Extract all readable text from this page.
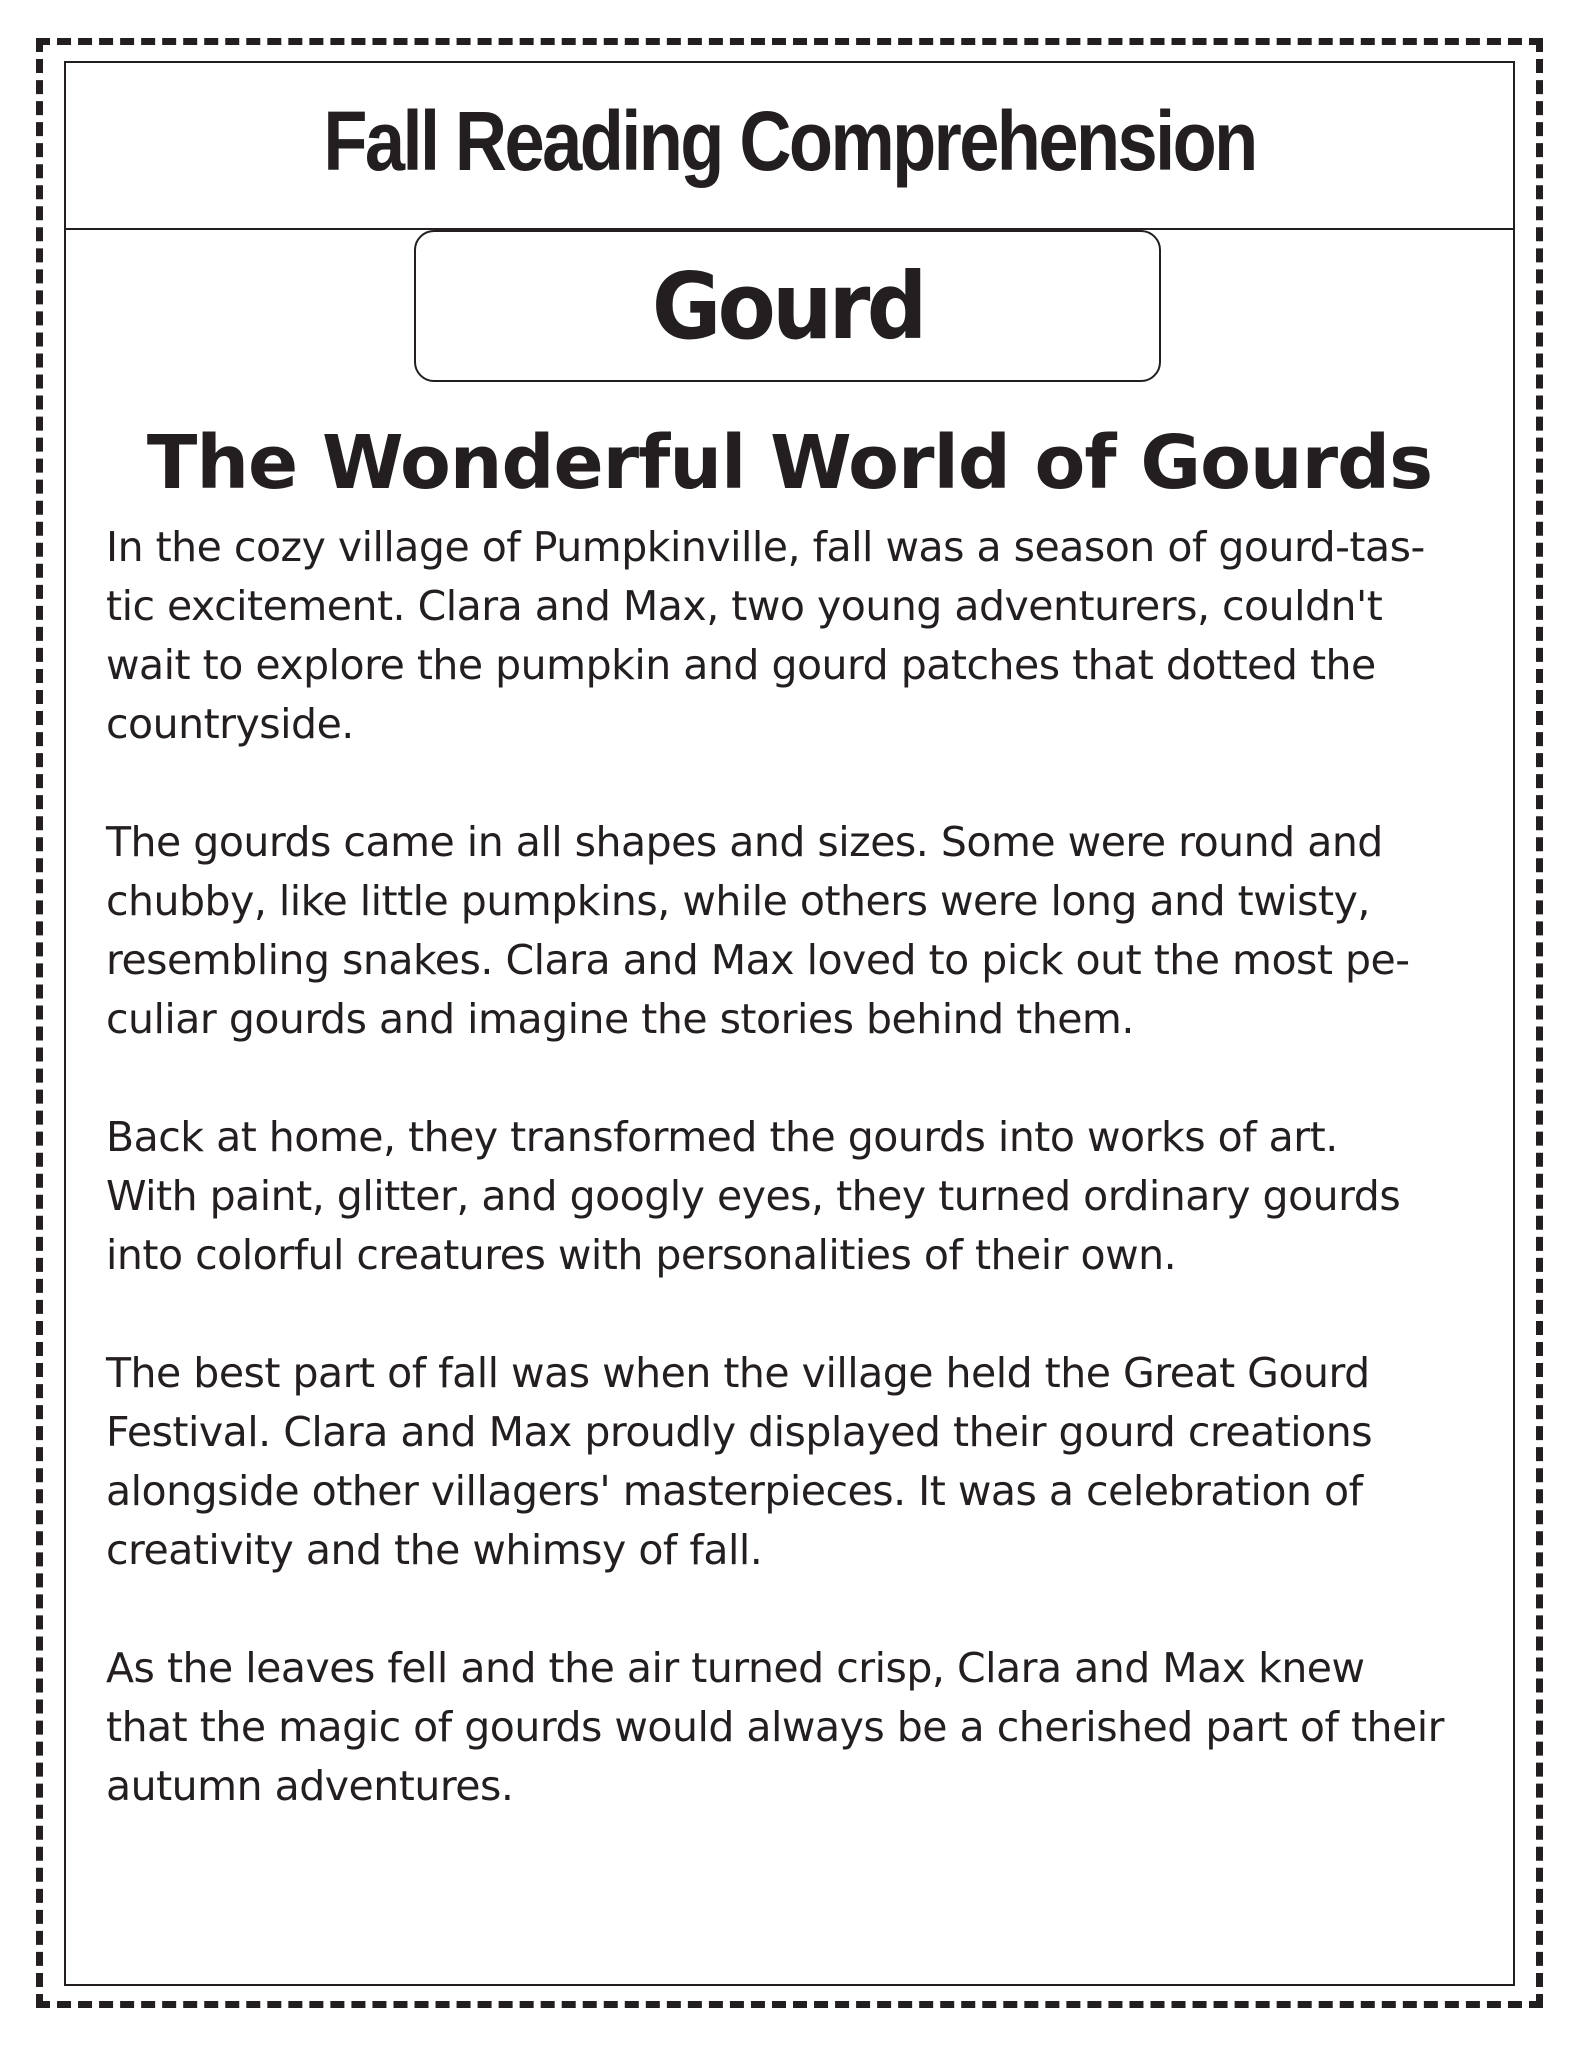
Fall Reading Comprehension
Gourd
The Wonderful World of Gourds

In the cozy village of Pumpkinville, fall was a season of gourd-tas-
tic excitement. Clara and Max, two young adventurers, couldn't
wait to explore the pumpkin and gourd patches that dotted the
countryside.

The gourds came in all shapes and sizes. Some were round and
chubby, like little pumpkins, while others were long and twisty,
resembling snakes. Clara and Max loved to pick out the most pe-
culiar gourds and imagine the stories behind them.

Back at home, they transformed the gourds into works of art.
With paint, glitter, and googly eyes, they turned ordinary gourds
into colorful creatures with personalities of their own.

The best part of fall was when the village held the Great Gourd
Festival. Clara and Max proudly displayed their gourd creations
alongside other villagers' masterpieces. It was a celebration of
creativity and the whimsy of fall.

As the leaves fell and the air turned crisp, Clara and Max knew
that the magic of gourds would always be a cherished part of their
autumn adventures.
